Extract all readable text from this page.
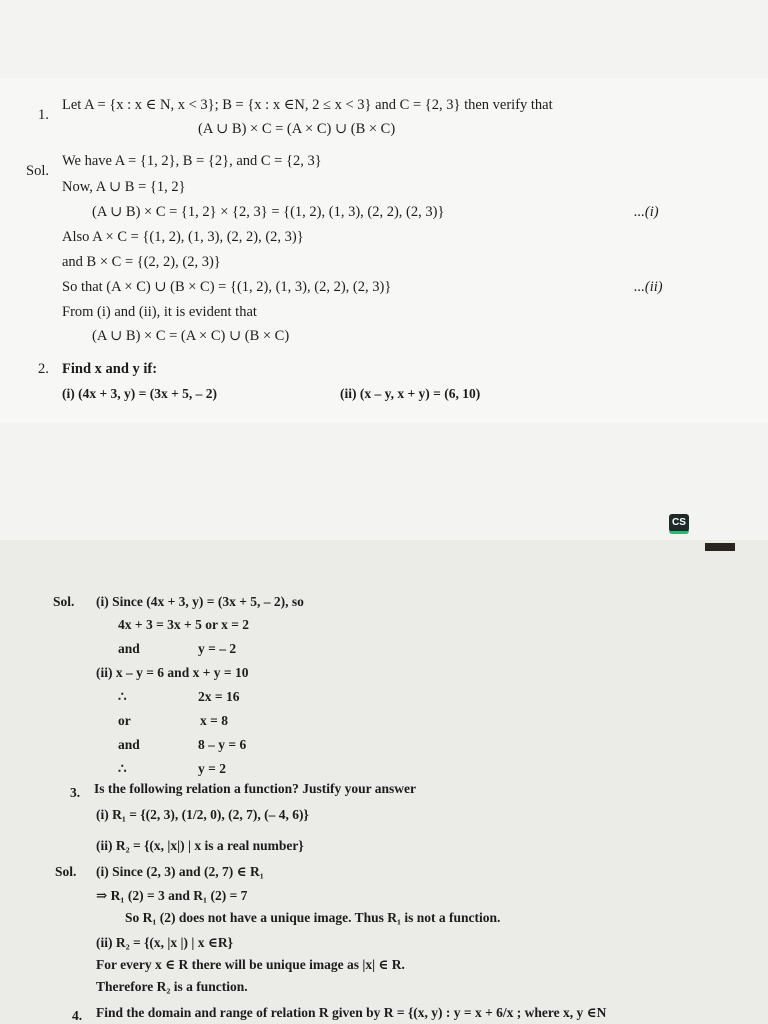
1.
Let A = {x : x ∈ N, x < 3}; B = {x : x ∈N, 2 ≤ x < 3} and C = {2, 3} then verify that
(A ∪ B) × C = (A × C) ∪ (B × C)
Sol.
We have A = {1, 2}, B = {2}, and C = {2, 3}
Now, A ∪ B = {1, 2}
(A ∪ B) × C = {1, 2} × {2, 3} = {(1, 2), (1, 3), (2, 2), (2, 3)}	...(i)
Also A × C = {(1, 2), (1, 3), (2, 2), (2, 3)}
and B × C = {(2, 2), (2, 3)}
So that (A × C) ∪ (B × C) = {(1, 2), (1, 3), (2, 2), (2, 3)}	...(ii)
From (i) and (ii), it is evident that
(A ∪ B) × C = (A × C) ∪ (B × C)
2. Find x and y if:
(i) (4x + 3, y) = (3x + 5, – 2)	(ii) (x – y, x + y) = (6, 10)
CS
Sol. (i) Since (4x + 3, y) = (3x + 5, – 2), so
4x + 3 = 3x + 5 or x = 2
and	y = – 2
(ii) x – y = 6 and x + y = 10
∴	2x = 16
or	x = 8
and	8 – y = 6
∴	y = 2
3. Is the following relation a function? Justify your answer
(i) R₁ = {(2, 3), (1/2, 0), (2, 7), (– 4, 6)}
(ii) R₂ = {(x, |x|) | x is a real number}
Sol. (i) Since (2, 3) and (2, 7) ∈ R₁
⇒ R₁ (2) = 3 and R₁ (2) = 7
So R₁ (2) does not have a unique image. Thus R₁ is not a function.
(ii) R₂ = {(x, |x |) | x ∈R}
For every x ∈ R there will be unique image as |x| ∈ R.
Therefore R₂ is a function.
4. Find the domain and range of relation R given by R = {(x, y) : y = x + 6/x ; where x, y ∈N
